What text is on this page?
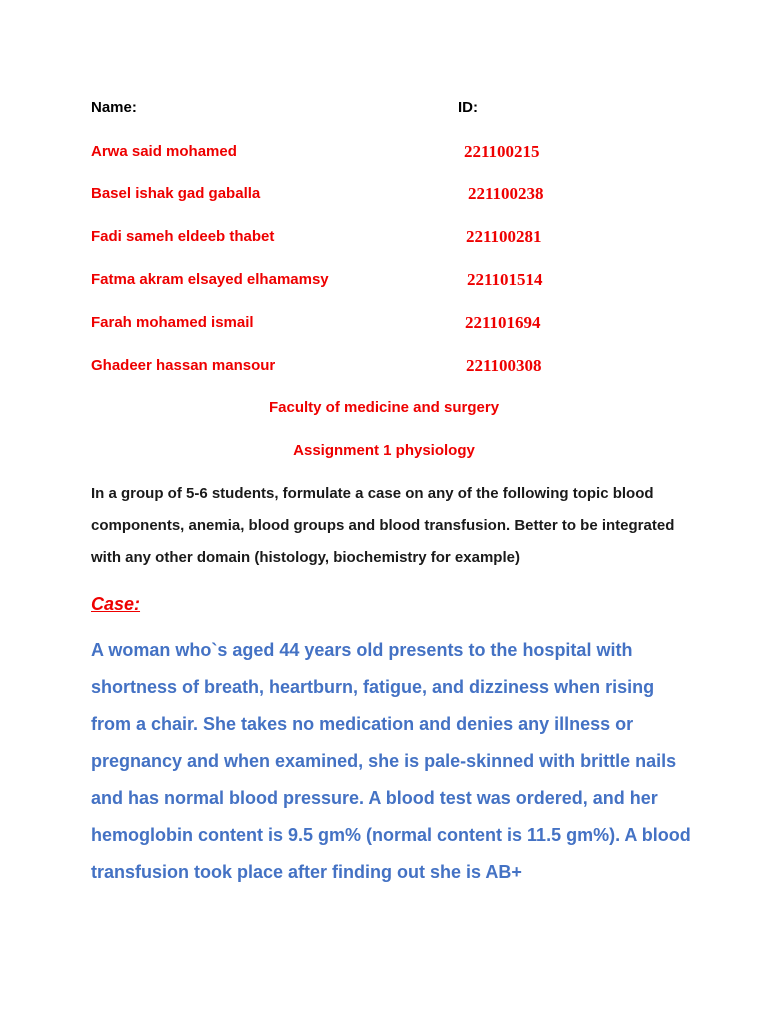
Name:	ID:
Arwa said mohamed	221100215
Basel ishak gad gaballa	221100238
Fadi sameh eldeeb thabet	221100281
Fatma akram elsayed elhamamsy	221101514
Farah mohamed ismail	221101694
Ghadeer hassan mansour	221100308
Faculty of medicine and surgery
Assignment 1 physiology
In a group of 5-6 students, formulate a case on any of the following topic blood components, anemia, blood groups and blood transfusion. Better to be integrated with any other domain (histology, biochemistry for example)
Case:
A woman who`s aged 44 years old presents to the hospital with shortness of breath, heartburn, fatigue, and dizziness when rising from a chair. She takes no medication and denies any illness or pregnancy and when examined, she is pale-skinned with brittle nails and has normal blood pressure. A blood test was ordered, and her hemoglobin content is 9.5 gm% (normal content is 11.5 gm%). A blood transfusion took place after finding out she is AB+
